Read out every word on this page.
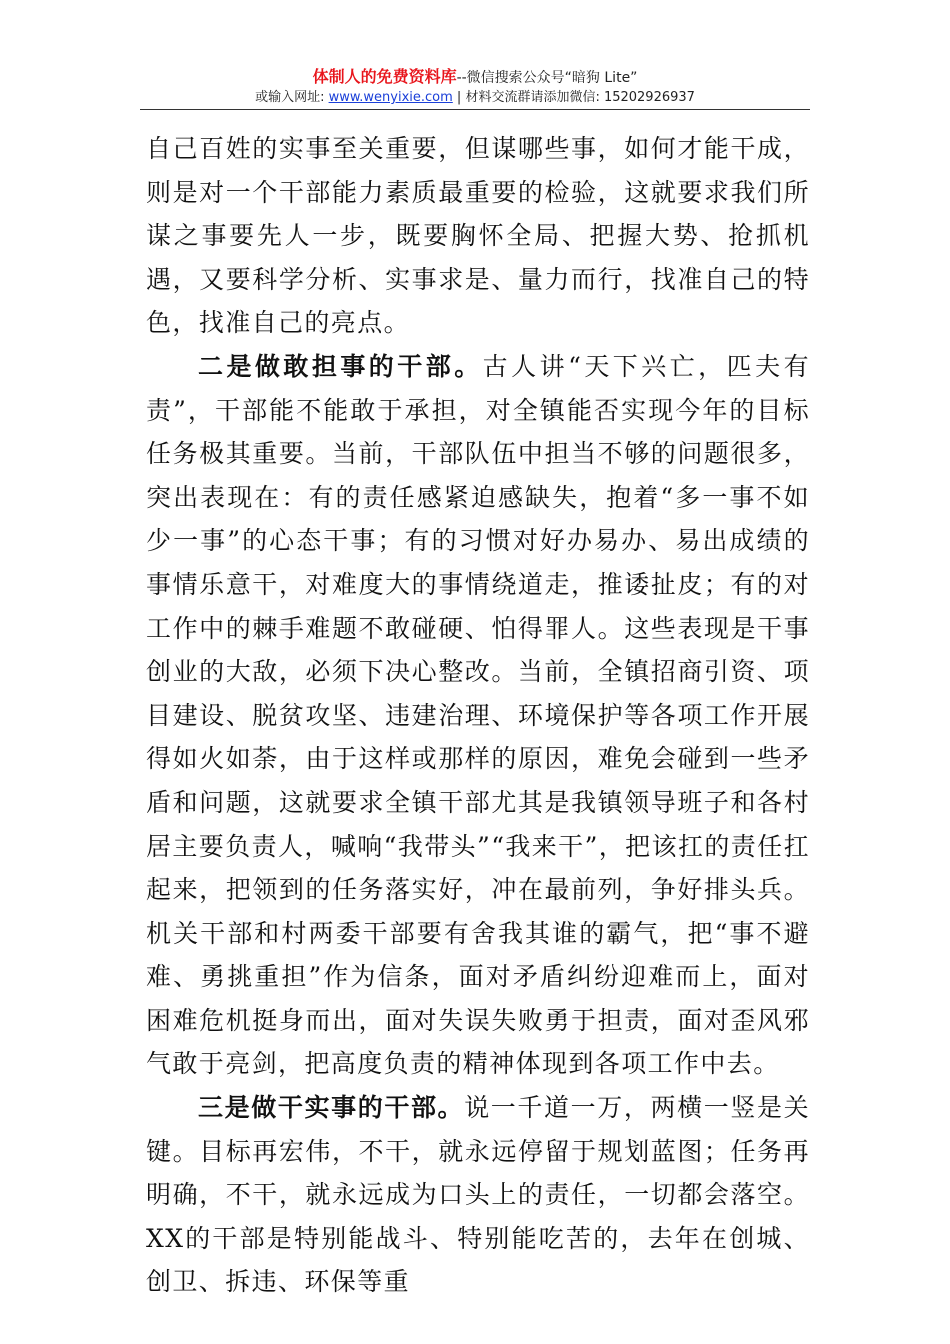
体制人的免费资料库--微信搜索公众号“暗狗 Lite”
或输入网址: www.wenyixie.com | 材料交流群请添加微信: 15202926937

自己百姓的实事至关重要，但谋哪些事，如何才能干成，则是对一个干部能力素质最重要的检验，这就要求我们所谋之事要先人一步，既要胸怀全局、把握大势、抢抓机遇，又要科学分析、实事求是、量力而行，找准自己的特色，找准自己的亮点。

二是做敢担事的干部。古人讲“天下兴亡，匹夫有责”，干部能不能敢于承担，对全镇能否实现今年的目标任务极其重要。当前，干部队伍中担当不够的问题很多，突出表现在：有的责任感紧迫感缺失，抱着“多一事不如少一事”的心态干事；有的习惯对好办易办、易出成绩的事情乐意干，对难度大的事情绕道走，推诿扯皮；有的对工作中的棘手难题不敢碰硬、怕得罪人。这些表现是干事创业的大敌，必须下决心整改。当前，全镇招商引资、项目建设、脱贫攻坚、违建治理、环境保护等各项工作开展得如火如荼，由于这样或那样的原因，难免会碰到一些矛盾和问题，这就要求全镇干部尤其是我镇领导班子和各村居主要负责人，喊响“我带头”“我来干”，把该扛的责任扛起来，把领到的任务落实好，冲在最前列，争好排头兵。机关干部和村两委干部要有舍我其谁的霸气，把“事不避难、勇挑重担”作为信条，面对矛盾纠纷迎难而上，面对困难危机挺身而出，面对失误失败勇于担责，面对歪风邪气敢于亮剑，把高度负责的精神体现到各项工作中去。

三是做干实事的干部。说一千道一万，两横一竖是关键。目标再宏伟，不干，就永远停留于规划蓝图；任务再明确，不干，就永远成为口头上的责任，一切都会落空。XX的干部是特别能战斗、特别能吃苦的，去年在创城、创卫、拆违、环保等重
